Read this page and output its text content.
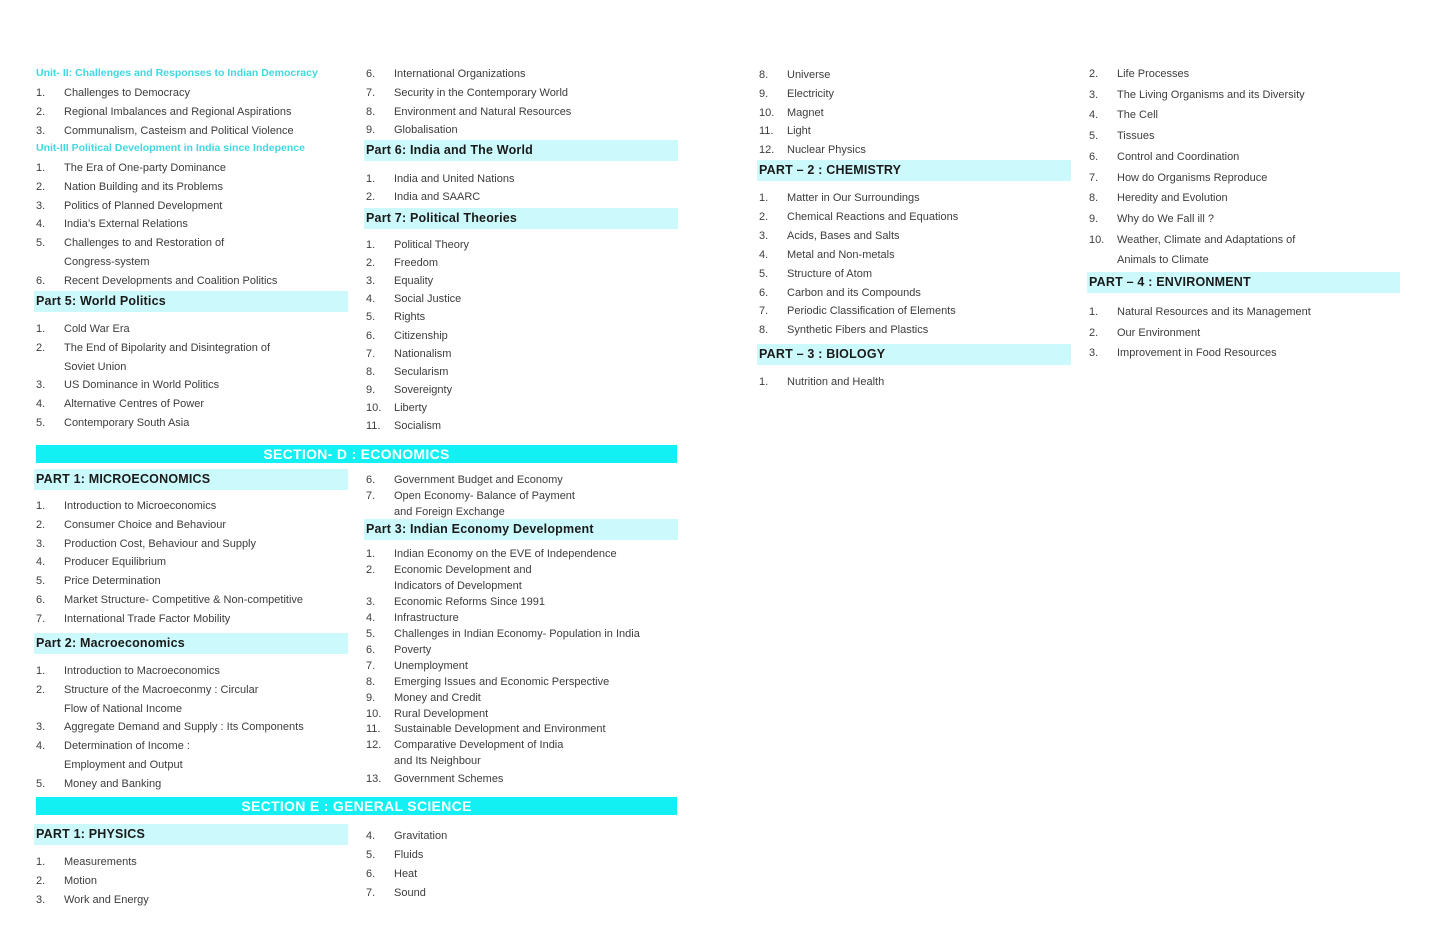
Unit- II: Challenges and Responses to Indian Democracy
1. Challenges to Democracy
2. Regional Imbalances and Regional Aspirations
3. Communalism, Casteism and Political Violence
Unit-III Political Development in India since Indepence
1. The Era of One-party Dominance
2. Nation Building and its Problems
3. Politics of Planned Development
4. India’s External Relations
5. Challenges to and Restoration of
Congress-system
6. Recent Developments and Coalition Politics
Part 5: World Politics
1. Cold War Era
2. The End of Bipolarity and Disintegration of
Soviet Union
3. US Dominance in World Politics
4. Alternative Centres of Power
5. Contemporary South Asia
6. International Organizations
7. Security in the Contemporary World
8. Environment and Natural Resources
9. Globalisation
Part 6: India and The World
1. India and United Nations
2. India and SAARC
Part 7: Political Theories
1. Political Theory
2. Freedom
3. Equality
4. Social Justice
5. Rights
6. Citizenship
7. Nationalism
8. Secularism
9. Sovereignty
10. Liberty
11. Socialism
SECTION- D : ECONOMICS
PART 1: MICROECONOMICS
1. Introduction to Microeconomics
2. Consumer Choice and Behaviour
3. Production Cost, Behaviour and Supply
4. Producer Equilibrium
5. Price Determination
6. Market Structure- Competitive & Non-competitive
7. International Trade Factor Mobility
Part 2: Macroeconomics
1. Introduction to Macroeconomics
2. Structure of the Macroeconmy : Circular
Flow of National Income
3. Aggregate Demand and Supply : Its Components
4. Determination of Income :
Employment and Output
5. Money and Banking
6. Government Budget and Economy
7. Open Economy- Balance of Payment
and Foreign Exchange
Part 3: Indian Economy Development
1. Indian Economy on the EVE of Independence
2. Economic Development and
Indicators of Development
3. Economic Reforms Since 1991
4. Infrastructure
5. Challenges in Indian Economy- Population in India
6. Poverty
7. Unemployment
8. Emerging Issues and Economic Perspective
9. Money and Credit
10. Rural Development
11. Sustainable Development and Environment
12. Comparative Development of India
and Its Neighbour
13. Government Schemes
SECTION E : GENERAL SCIENCE
PART 1: PHYSICS
1. Measurements
2. Motion
3. Work and Energy
4. Gravitation
5. Fluids
6. Heat
7. Sound
8. Universe
9. Electricity
10. Magnet
11. Light
12. Nuclear Physics
PART – 2 : CHEMISTRY
1. Matter in Our Surroundings
2. Chemical Reactions and Equations
3. Acids, Bases and Salts
4. Metal and Non-metals
5. Structure of Atom
6. Carbon and its Compounds
7. Periodic Classification of Elements
8. Synthetic Fibers and Plastics
PART – 3 : BIOLOGY
1. Nutrition and Health
2. Life Processes
3. The Living Organisms and its Diversity
4. The Cell
5. Tissues
6. Control and Coordination
7. How do Organisms Reproduce
8. Heredity and Evolution
9. Why do We Fall ill ?
10. Weather, Climate and Adaptations of
Animals to Climate
PART – 4 : ENVIRONMENT
1. Natural Resources and its Management
2. Our Environment
3. Improvement in Food Resources
